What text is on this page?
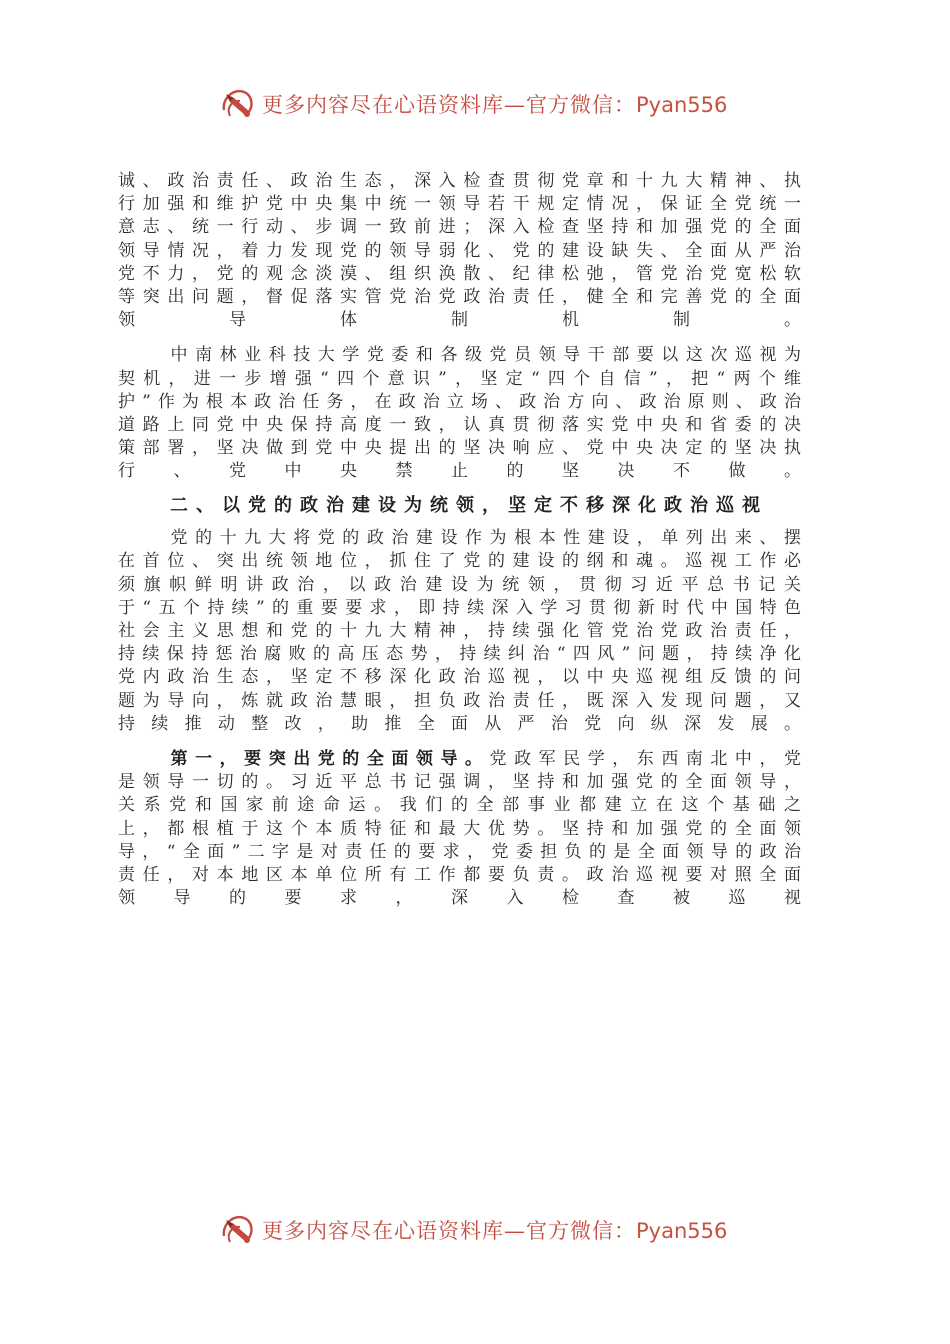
更多内容尽在心语资料库—官方微信：Pyan556

诚、政治责任、政治生态，深入检查贯彻党章和十九大精神、执行加强和维护党中央集中统一领导若干规定情况，保证全党统一意志、统一行动、步调一致前进；深入检查坚持和加强党的全面领导情况，着力发现党的领导弱化、党的建设缺失、全面从严治党不力，党的观念淡漠、组织涣散、纪律松弛，管党治党宽松软等突出问题，督促落实管党治党政治责任，健全和完善党的全面领导体制机制。

中南林业科技大学党委和各级党员领导干部要以这次巡视为契机，进一步增强“四个意识”，坚定“四个自信”，把“两个维护”作为根本政治任务，在政治立场、政治方向、政治原则、政治道路上同党中央保持高度一致，认真贯彻落实党中央和省委的决策部署，坚决做到党中央提出的坚决响应、党中央决定的坚决执行、党中央禁止的坚决不做。

二、以党的政治建设为统领，坚定不移深化政治巡视

党的十九大将党的政治建设作为根本性建设，单列出来、摆在首位、突出统领地位，抓住了党的建设的纲和魂。巡视工作必须旗帜鲜明讲政治，以政治建设为统领，贯彻习近平总书记关于“五个持续”的重要要求，即持续深入学习贯彻新时代中国特色社会主义思想和党的十九大精神，持续强化管党治党政治责任，持续保持惩治腐败的高压态势，持续纠治“四风”问题，持续净化党内政治生态，坚定不移深化政治巡视，以中央巡视组反馈的问题为导向，炼就政治慧眼，担负政治责任，既深入发现问题，又持续推动整改，助推全面从严治党向纵深发展。

第一，要突出党的全面领导。党政军民学，东西南北中，党是领导一切的。习近平总书记强调，坚持和加强党的全面领导，关系党和国家前途命运。我们的全部事业都建立在这个基础之上，都根植于这个本质特征和最大优势。坚持和加强党的全面领导，“全面”二字是对责任的要求，党委担负的是全面领导的政治责任，对本地区本单位所有工作都要负责。政治巡视要对照全面领导的要求，深入检查被巡视

更多内容尽在心语资料库—官方微信：Pyan556
